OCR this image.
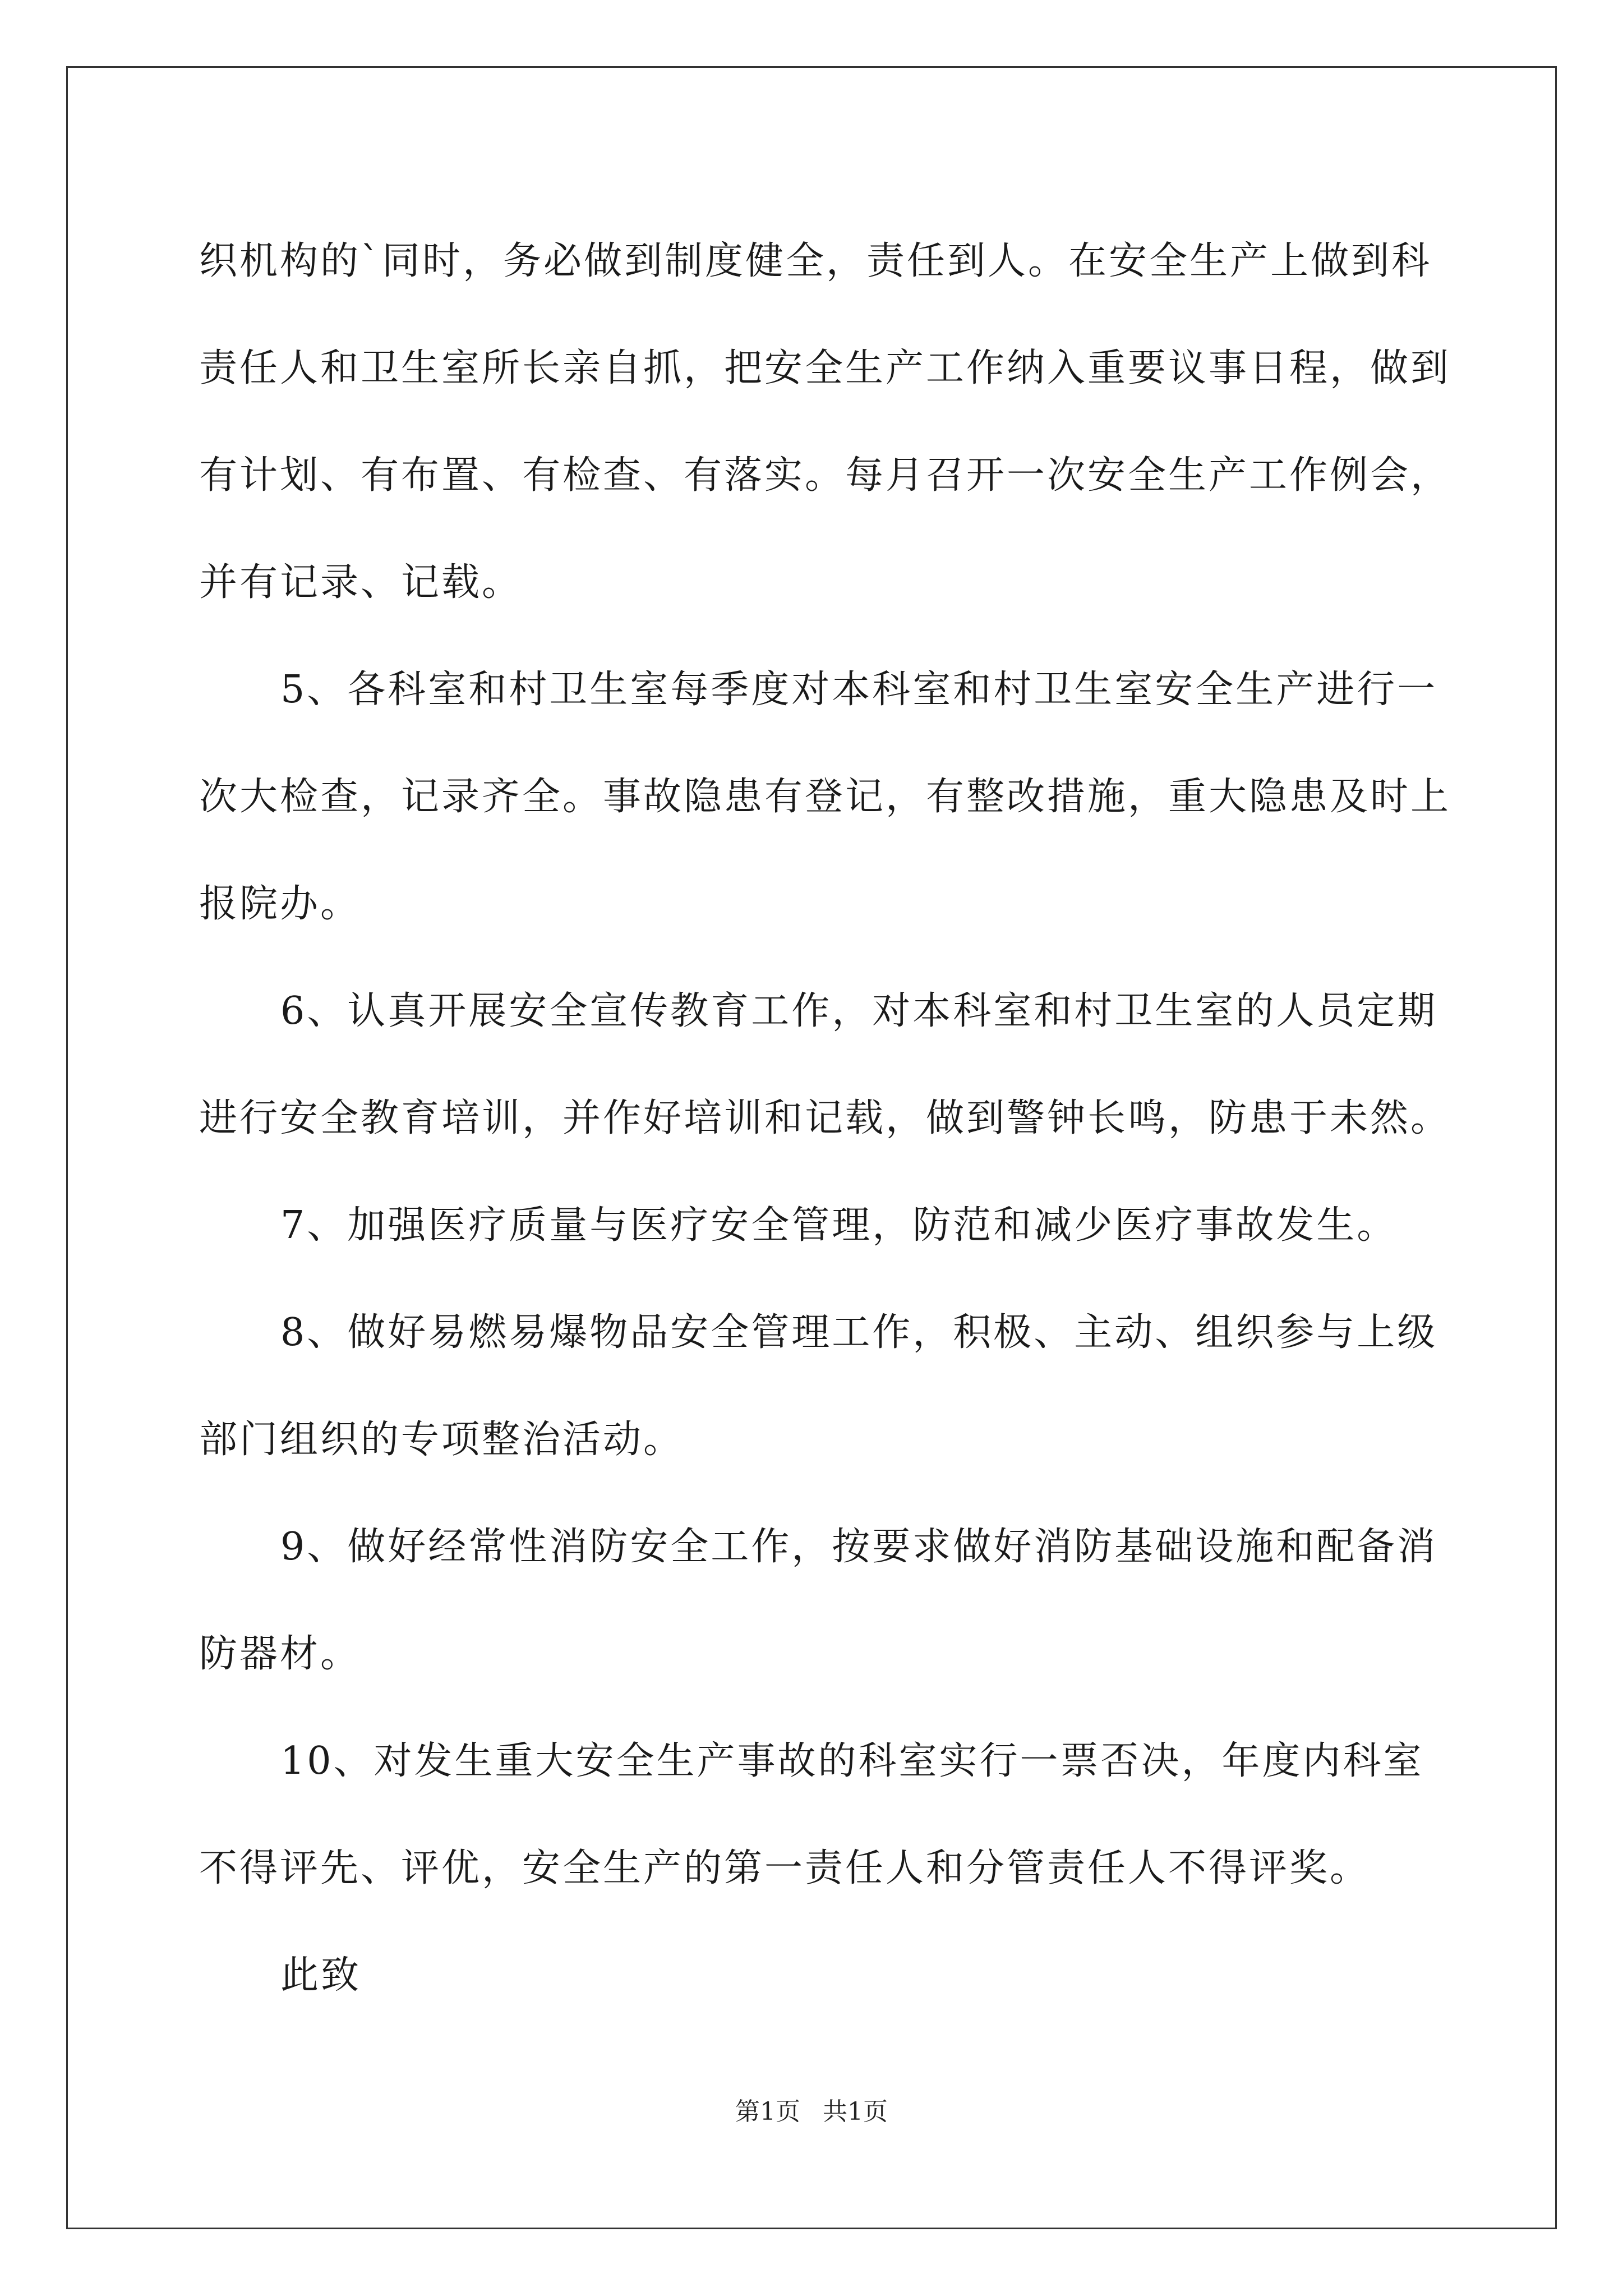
织机构的`同时，务必做到制度健全，责任到人。在安全生产上做到科责任人和卫生室所长亲自抓，把安全生产工作纳入重要议事日程，做到有计划、有布置、有检查、有落实。每月召开一次安全生产工作例会，并有记录、记载。

5、各科室和村卫生室每季度对本科室和村卫生室安全生产进行一次大检查，记录齐全。事故隐患有登记，有整改措施，重大隐患及时上报院办。

6、认真开展安全宣传教育工作，对本科室和村卫生室的人员定期进行安全教育培训，并作好培训和记载，做到警钟长鸣，防患于未然。

7、加强医疗质量与医疗安全管理，防范和减少医疗事故发生。

8、做好易燃易爆物品安全管理工作，积极、主动、组织参与上级部门组织的专项整治活动。

9、做好经常性消防安全工作，按要求做好消防基础设施和配备消防器材。

10、对发生重大安全生产事故的科室实行一票否决，年度内科室不得评先、评优，安全生产的第一责任人和分管责任人不得评奖。

此致

第1页 共1页
